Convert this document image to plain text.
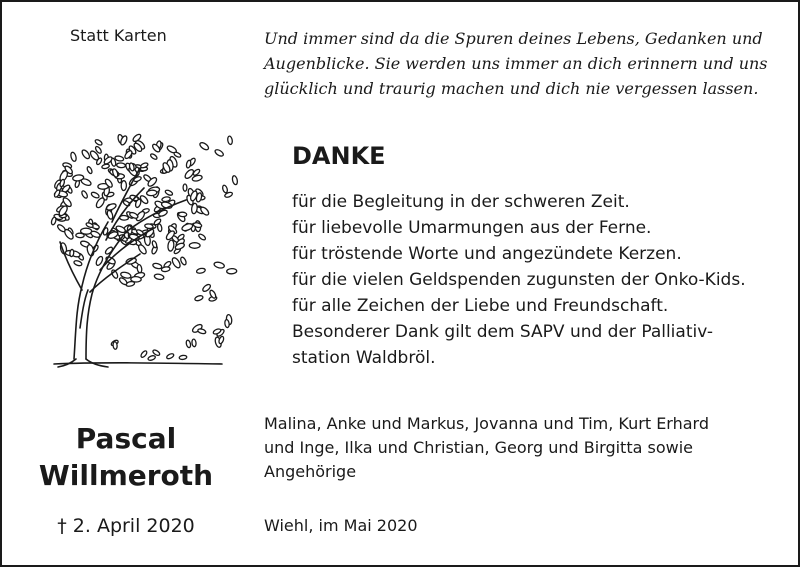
Statt Karten	Und immer sind da die Spuren deines Lebens, Gedanken und
Augenblicke. Sie werden uns immer an dich erinnern und uns
glücklich und traurig machen und dich nie vergessen lassen.
DANKE
für die Begleitung in der schweren Zeit.
für liebevolle Umarmungen aus der Ferne.
für tröstende Worte und angezündete Kerzen.
für die vielen Geldspenden zugunsten der Onko-Kids.
für alle Zeichen der Liebe und Freundschaft.
Besonderer Dank gilt dem SAPV und der Palliativ-
station Waldbröl.
Pascal
Willmeroth
† 2. April 2020
Malina, Anke und Markus, Jovanna und Tim, Kurt Erhard
und Inge, Ilka und Christian, Georg und Birgitta sowie
Angehörige
Wiehl, im Mai 2020
